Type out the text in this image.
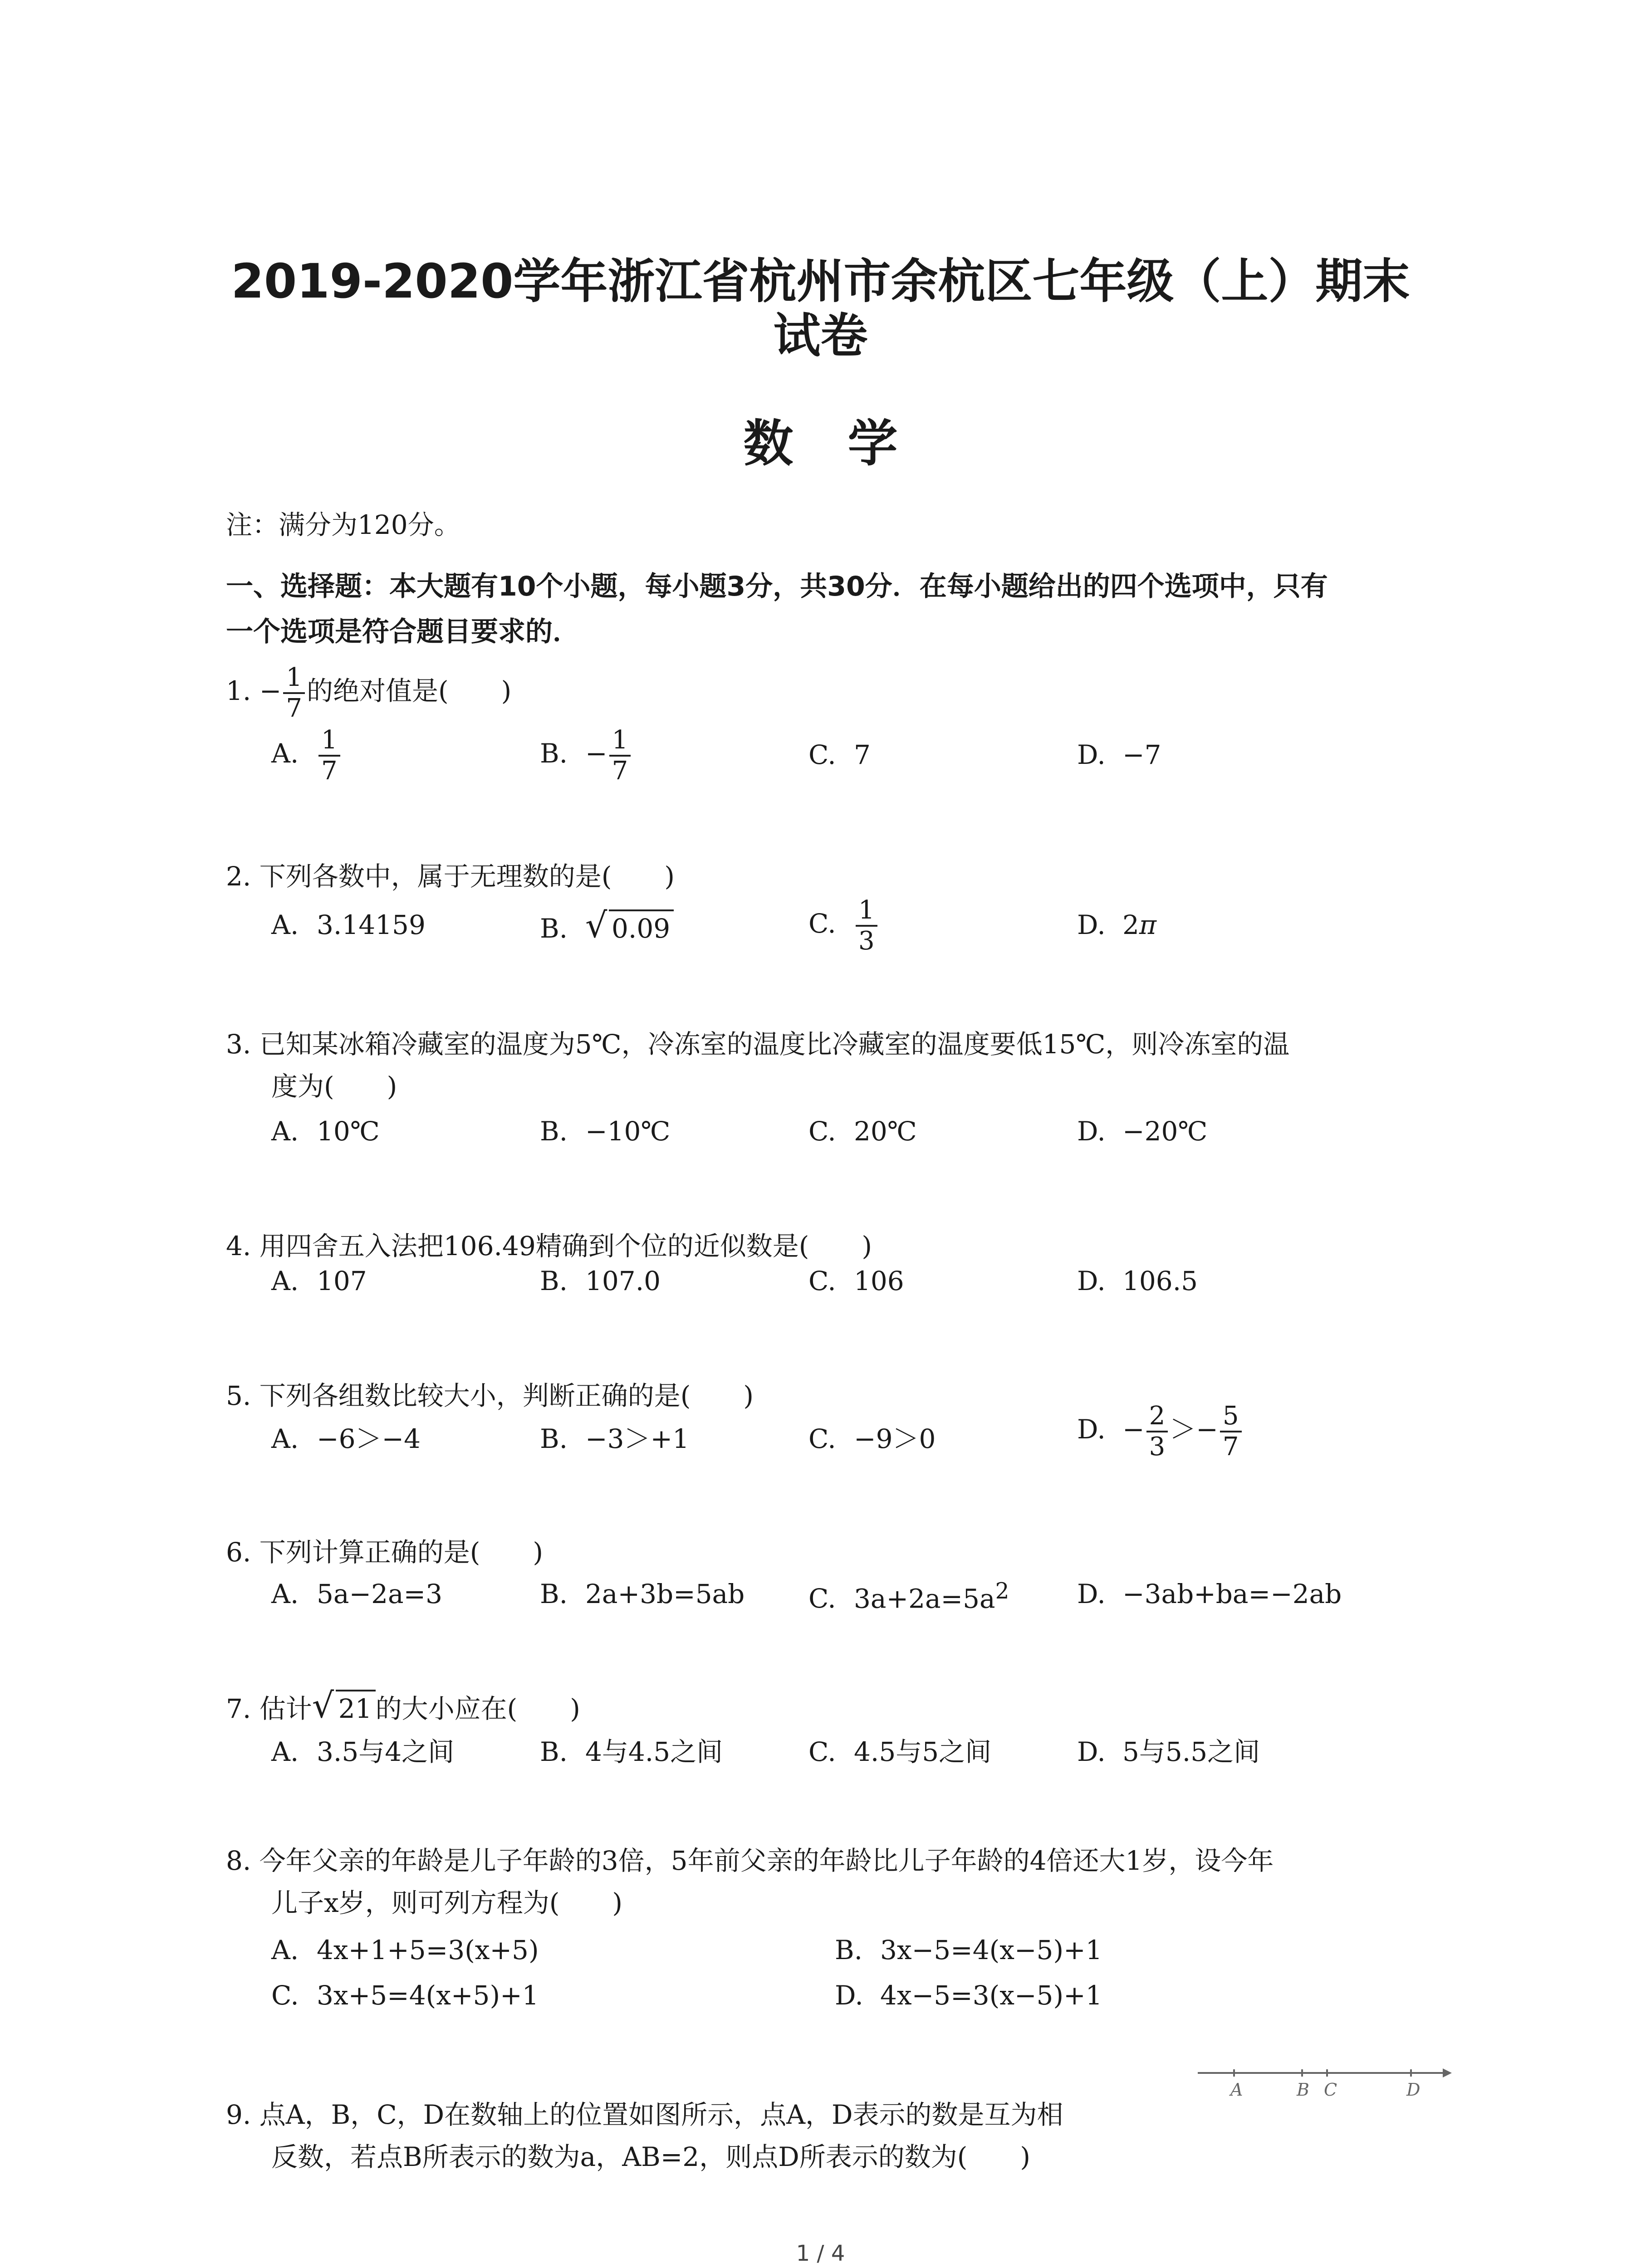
2019-2020学年浙江省杭州市余杭区七年级（上）期末
试卷
数学
注：满分为120分。
一、选择题：本大题有10个小题，每小题3分，共30分．在每小题给出的四个选项中，只有
一个选项是符合题目要求的．
1. − $\frac{1}{7}$ 的绝对值是(　　)
A. $\frac{1}{7}$	B. − $\frac{1}{7}$	C. 7	D. −7
2. 下列各数中，属于无理数的是(　　)
A. 3.14159	B. √ 0.09	C. $\frac{1}{3}$	D. 2π
3. 已知某冰箱冷藏室的温度为5℃，冷冻室的温度比冷藏室的温度要低15℃，则冷冻室的温
度为(　　)
A. 10℃	B. −10℃	C. 20℃	D. −20℃
4. 用四舍五入法把106.49精确到个位的近似数是(　　)
A. 107	B. 107.0	C. 106	D. 106.5
5. 下列各组数比较大小，判断正确的是(　　)
A. −6＞−4	B. −3＞+1	C. −9＞0	D. − $\frac{2}{3} >- \frac{5}{7}$
6. 下列计算正确的是(　　)
A. 5a−2a=3	B. 2a+3b=5ab C. $3a+2a=5a^2$	D. −3ab+ba=−2ab
7. 估计 √ 21 的大小应在(　　)
A. 3.5与4之间	B. 4与4.5之间	C. 4.5与5之间	D. 5与5.5之间
8. 今年父亲的年龄是儿子年龄的3倍，5年前父亲的年龄比儿子年龄的4倍还大1岁，设今年
儿子x岁，则可列方程为(　　)
A. 4x+1+5=3(x+5)	B. 3x−5=4(x−5)+1
C. 3x+5=4(x+5)+1	D. 4x−5=3(x−5)+1
9. 点A，B，C，D在数轴上的位置如图所示，点A，D表示的数是互为相
反数，若点B所表示的数为a，AB=2，则点D所表示的数为(　　)
A	B C	D
1 / 4
